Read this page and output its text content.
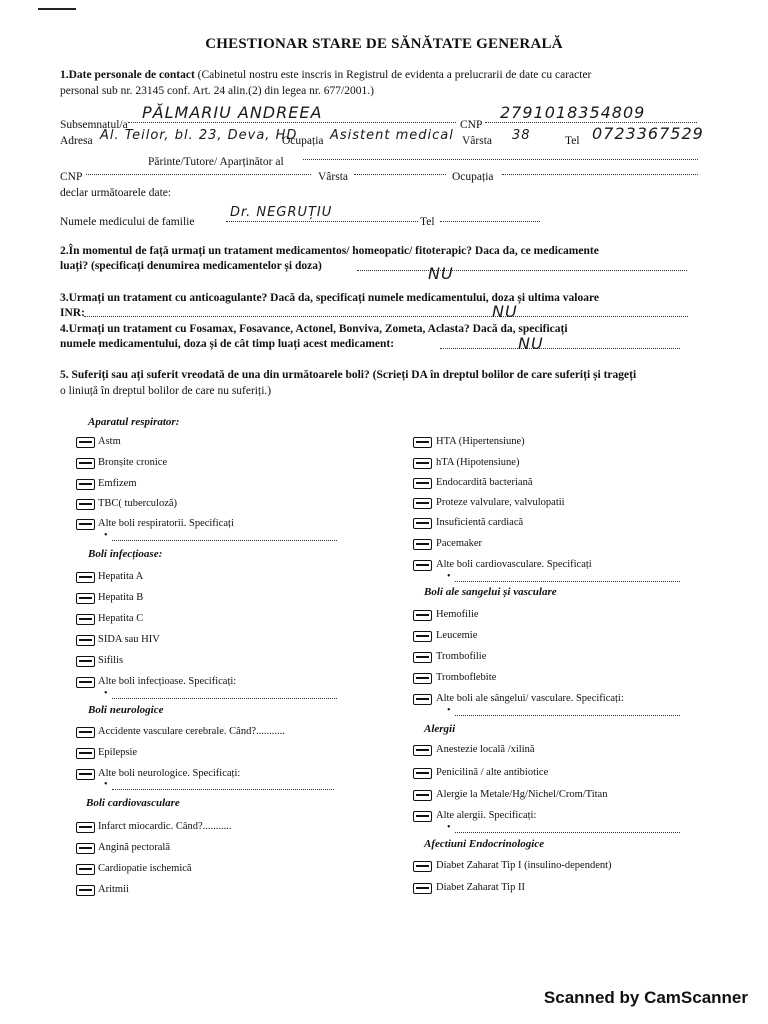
CHESTIONAR STARE DE SĂNĂTATE GENERALĂ
1.Date personale de contact (Cabinetul nostru este inscris in Registrul de evidenta a prelucrarii de date cu caracter
personal sub nr. 23145 conf. Art. 24 alin.(2) din legea nr. 677/2001.)
Subsemnatul/a
PĂLMARIU ANDREEA
CNP
2791018354809
Adresa Al. Teilor, bl. 23, Deva, HD
Ocupația Asistent medical Vârsta 38	Tel 0723367529
Părinte/Tutore/ Aparținător al
CNP	Vârsta	Ocupația
declar următoarele date:
Numele medicului de familie
Dr. NEGRUȚIU
Tel
2.În momentul de față urmați un tratament medicamentos/ homeopatic/ fitoterapic? Daca da, ce medicamente
luați? (specificați denumirea medicamentelor și doza)	NU
3.Urmați un tratament cu anticoagulante? Dacă da, specificați numele medicamentului, doza și ultima valoare
INR:	NU
4.Urmați un tratament cu Fosamax, Fosavance, Actonel, Bonviva, Zometa, Aclasta? Dacă da, specificați
numele medicamentului, doza și de cât timp luați acest medicament:	NU
5. Suferiți sau ați suferit vreodată de una din următoarele boli? (Scrieți DA în dreptul bolilor de care suferiți și trageți
o liniuță în dreptul bolilor de care nu suferiți.)
Aparatul respirator:
Astm
Bronșite cronice
Emfizem
TBC( tuberculoză)
Alte boli respiratorii. Specificați
•
Boli infecțioase:
Hepatita A
Hepatita B
Hepatita C
SIDA sau HIV
Sifilis
Alte boli infecțioase. Specificați:
•
Boli neurologice
Accidente vasculare cerebrale. Când?...........
Epilepsie
Alte boli neurologice. Specificați:
•
Boli cardiovasculare
Infarct miocardic. Când?...........
Angină pectorală
Cardiopatie ischemică
Aritmii
HTA (Hipertensiune)
hTA (Hipotensiune)
Endocardită bacteriană
Proteze valvulare, valvulopatii
Insuficientă cardiacă
Pacemaker
Alte boli cardiovasculare. Specificați
•
Boli ale sangelui și vasculare
Hemofilie
Leucemie
Trombofilie
Tromboflebite
Alte boli ale sângelui/ vasculare. Specificați:
•
Alergii
Anestezie locală /xilină
Penicilină / alte antibiotice
Alergie la Metale/Hg/Nichel/Crom/Titan
Alte alergii. Specificați:
•
Afectiuni Endocrinologice
Diabet Zaharat Tip I (insulino-dependent)
Diabet Zaharat Tip II
Scanned by CamScanner
